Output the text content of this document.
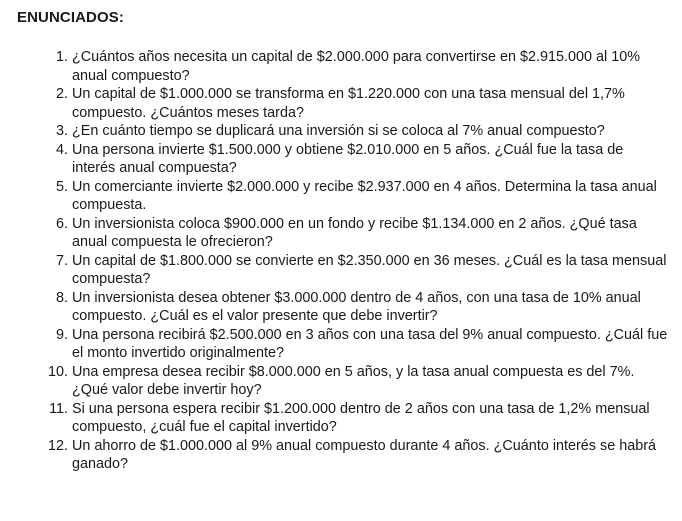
ENUNCIADOS:
1. ¿Cuántos años necesita un capital de $2.000.000 para convertirse en $2.915.000 al 10% anual compuesto?
2. Un capital de $1.000.000 se transforma en $1.220.000 con una tasa mensual del 1,7% compuesto. ¿Cuántos meses tarda?
3. ¿En cuánto tiempo se duplicará una inversión si se coloca al 7% anual compuesto?
4. Una persona invierte $1.500.000 y obtiene $2.010.000 en 5 años. ¿Cuál fue la tasa de interés anual compuesta?
5. Un comerciante invierte $2.000.000 y recibe $2.937.000 en 4 años. Determina la tasa anual compuesta.
6. Un inversionista coloca $900.000 en un fondo y recibe $1.134.000 en 2 años. ¿Qué tasa anual compuesta le ofrecieron?
7. Un capital de $1.800.000 se convierte en $2.350.000 en 36 meses. ¿Cuál es la tasa mensual compuesta?
8. Un inversionista desea obtener $3.000.000 dentro de 4 años, con una tasa de 10% anual compuesto. ¿Cuál es el valor presente que debe invertir?
9. Una persona recibirá $2.500.000 en 3 años con una tasa del 9% anual compuesto. ¿Cuál fue el monto invertido originalmente?
10. Una empresa desea recibir $8.000.000 en 5 años, y la tasa anual compuesta es del 7%. ¿Qué valor debe invertir hoy?
11. Si una persona espera recibir $1.200.000 dentro de 2 años con una tasa de 1,2% mensual compuesto, ¿cuál fue el capital invertido?
12. Un ahorro de $1.000.000 al 9% anual compuesto durante 4 años. ¿Cuánto interés se habrá ganado?
